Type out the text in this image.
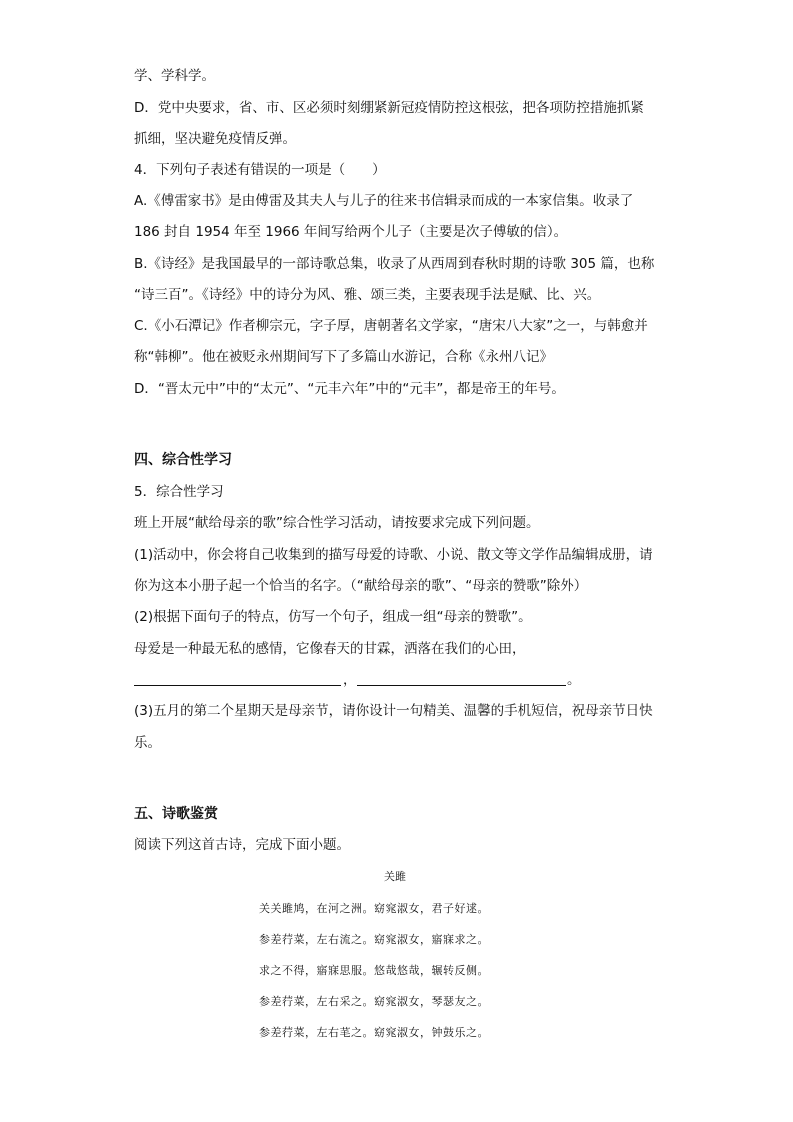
学、学科学。
D．党中央要求，省、市、区必须时刻绷紧新冠疫情防控这根弦，把各项防控措施抓紧
抓细，坚决避免疫情反弹。
4．下列句子表述有错误的一项是（　　）
A.《傅雷家书》是由傅雷及其夫人与儿子的往来书信辑录而成的一本家信集。收录了
186 封自 1954 年至 1966 年间写给两个儿子（主要是次子傅敏的信）。
B.《诗经》是我国最早的一部诗歌总集，收录了从西周到春秋时期的诗歌 305 篇，也称
“诗三百”。《诗经》中的诗分为风、雅、颂三类，主要表现手法是赋、比、兴。
C.《小石潭记》作者柳宗元，字子厚，唐朝著名文学家，“唐宋八大家”之一，与韩愈并
称“韩柳”。他在被贬永州期间写下了多篇山水游记，合称《永州八记》
D．“晋太元中”中的“太元”、“元丰六年”中的“元丰”，都是帝王的年号。
四、综合性学习
5．综合性学习
班上开展“献给母亲的歌”综合性学习活动，请按要求完成下列问题。
(1)活动中，你会将自己收集到的描写母爱的诗歌、小说、散文等文学作品编辑成册，请
你为这本小册子起一个恰当的名字。（“献给母亲的歌”、“母亲的赞歌”除外）
(2)根据下面句子的特点，仿写一个句子，组成一组“母亲的赞歌”。
母爱是一种最无私的感情，它像春天的甘霖，洒落在我们的心田，
，	。
(3)五月的第二个星期天是母亲节，请你设计一句精美、温馨的手机短信，祝母亲节日快
乐。
五、诗歌鉴赏
阅读下列这首古诗，完成下面小题。
关雎
关关雎鸠，在河之洲。窈窕淑女，君子好逑。
参差荇菜，左右流之。窈窕淑女，寤寐求之。
求之不得，寤寐思服。悠哉悠哉，辗转反侧。
参差荇菜，左右采之。窈窕淑女，琴瑟友之。
参差荇菜，左右芼之。窈窕淑女，钟鼓乐之。
